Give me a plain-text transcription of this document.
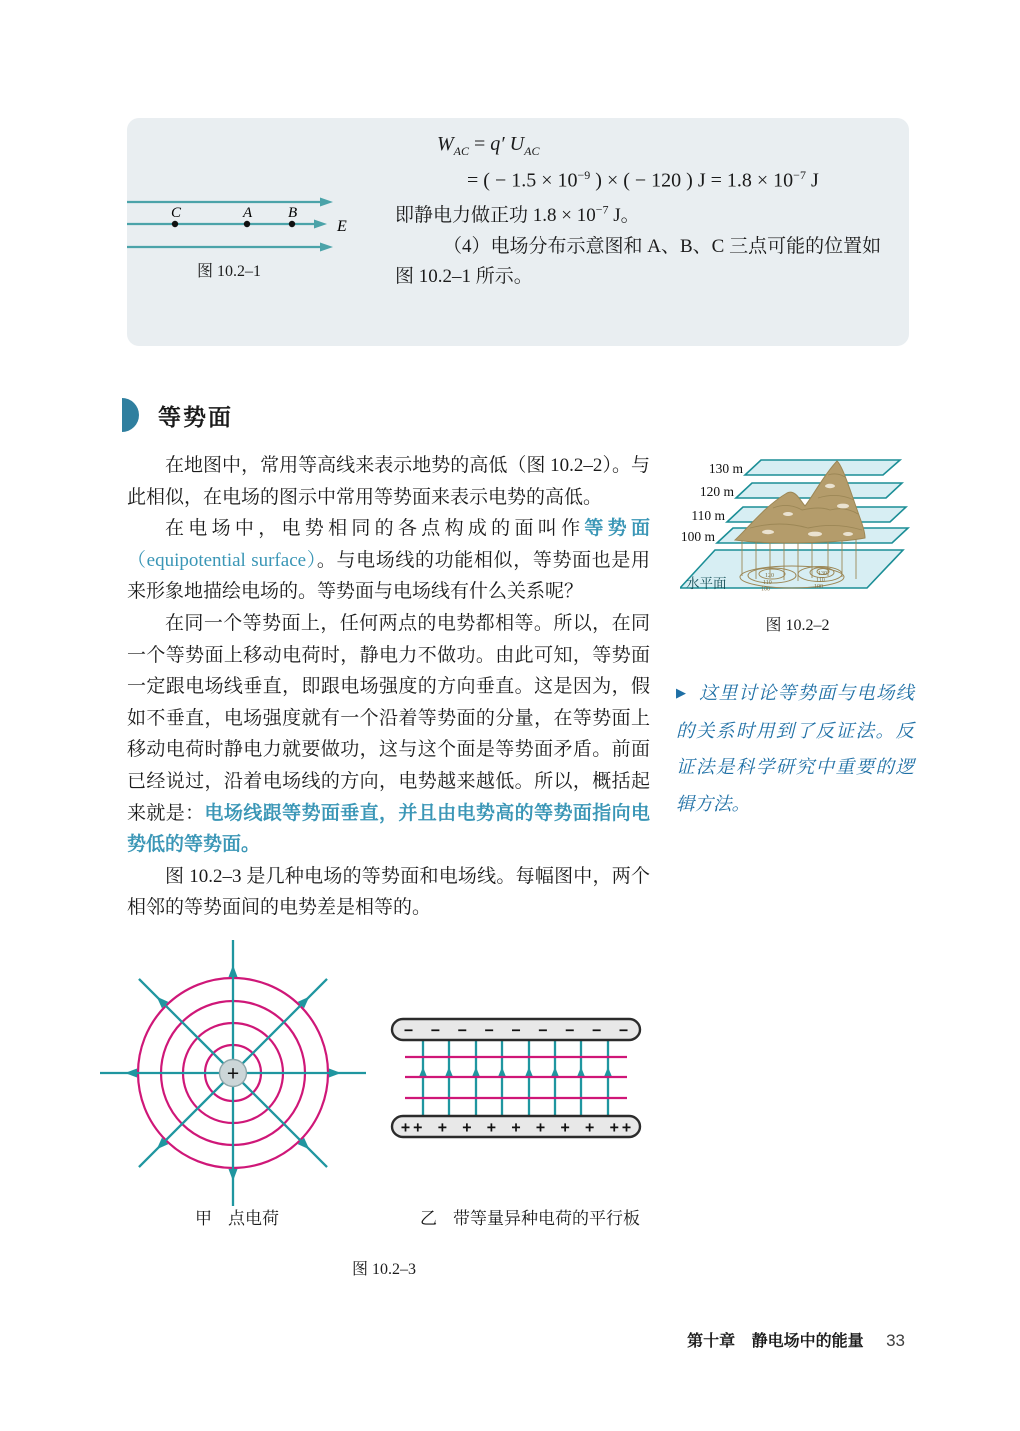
C	A B
E
图 10.2–1
$W_{AC} = q'$ $U_{AC}$
= ( − $1.5 \times 10^{-9}$ ) × ( − 120 ) $J = 1.8 \times 10^{-7}$ J
即静电力做正功 $1.8 \times 10^{-7}$ J。
（4）电场分布示意图和 A、B、C 三点可能的位置如
图 10.2–1 所示。
等势面

在地图中，常用等高线来表示地势的高低（图 10.2–2）。与此相似，在电场的图示中常用等势面来表示电势的高低。

在电场中，电势相同的各点构成的面叫作等势面（equipotential surface）。与电场线的功能相似，等势面也是用来形象地描绘电场的。等势面与电场线有什么关系呢？

在同一个等势面上，任何两点的电势都相等。所以，在同一个等势面上移动电荷时，静电力不做功。由此可知，等势面一定跟电场线垂直，即跟电场强度的方向垂直。这是因为，假如不垂直，电场强度就有一个沿着等势面的分量，在等势面上移动电荷时静电力就要做功，这与这个面是等势面矛盾。前面已经说过，沿着电场线的方向，电势越来越低。所以，概括起来就是：电场线跟等势面垂直，并且由电势高的等势面指向电势低的等势面。

图 10.2–3 是几种电场的等势面和电场线。每幅图中，两个相邻的等势面间的电势差是相等的。

120
110
100
130
110
100
130 m
120 m
110 m
100 m
水平面
图 10.2–2
▶ 这里讨论等势面与电场线的关系时用到了反证法。反证法是科学研究中重要的逻辑方法。
+
− − − − − − − − −
++ + + + + + + + ++
甲 点电荷	乙 带等量异种电荷的平行板
图 10.2–3
第十章 静电场中的能量 33
